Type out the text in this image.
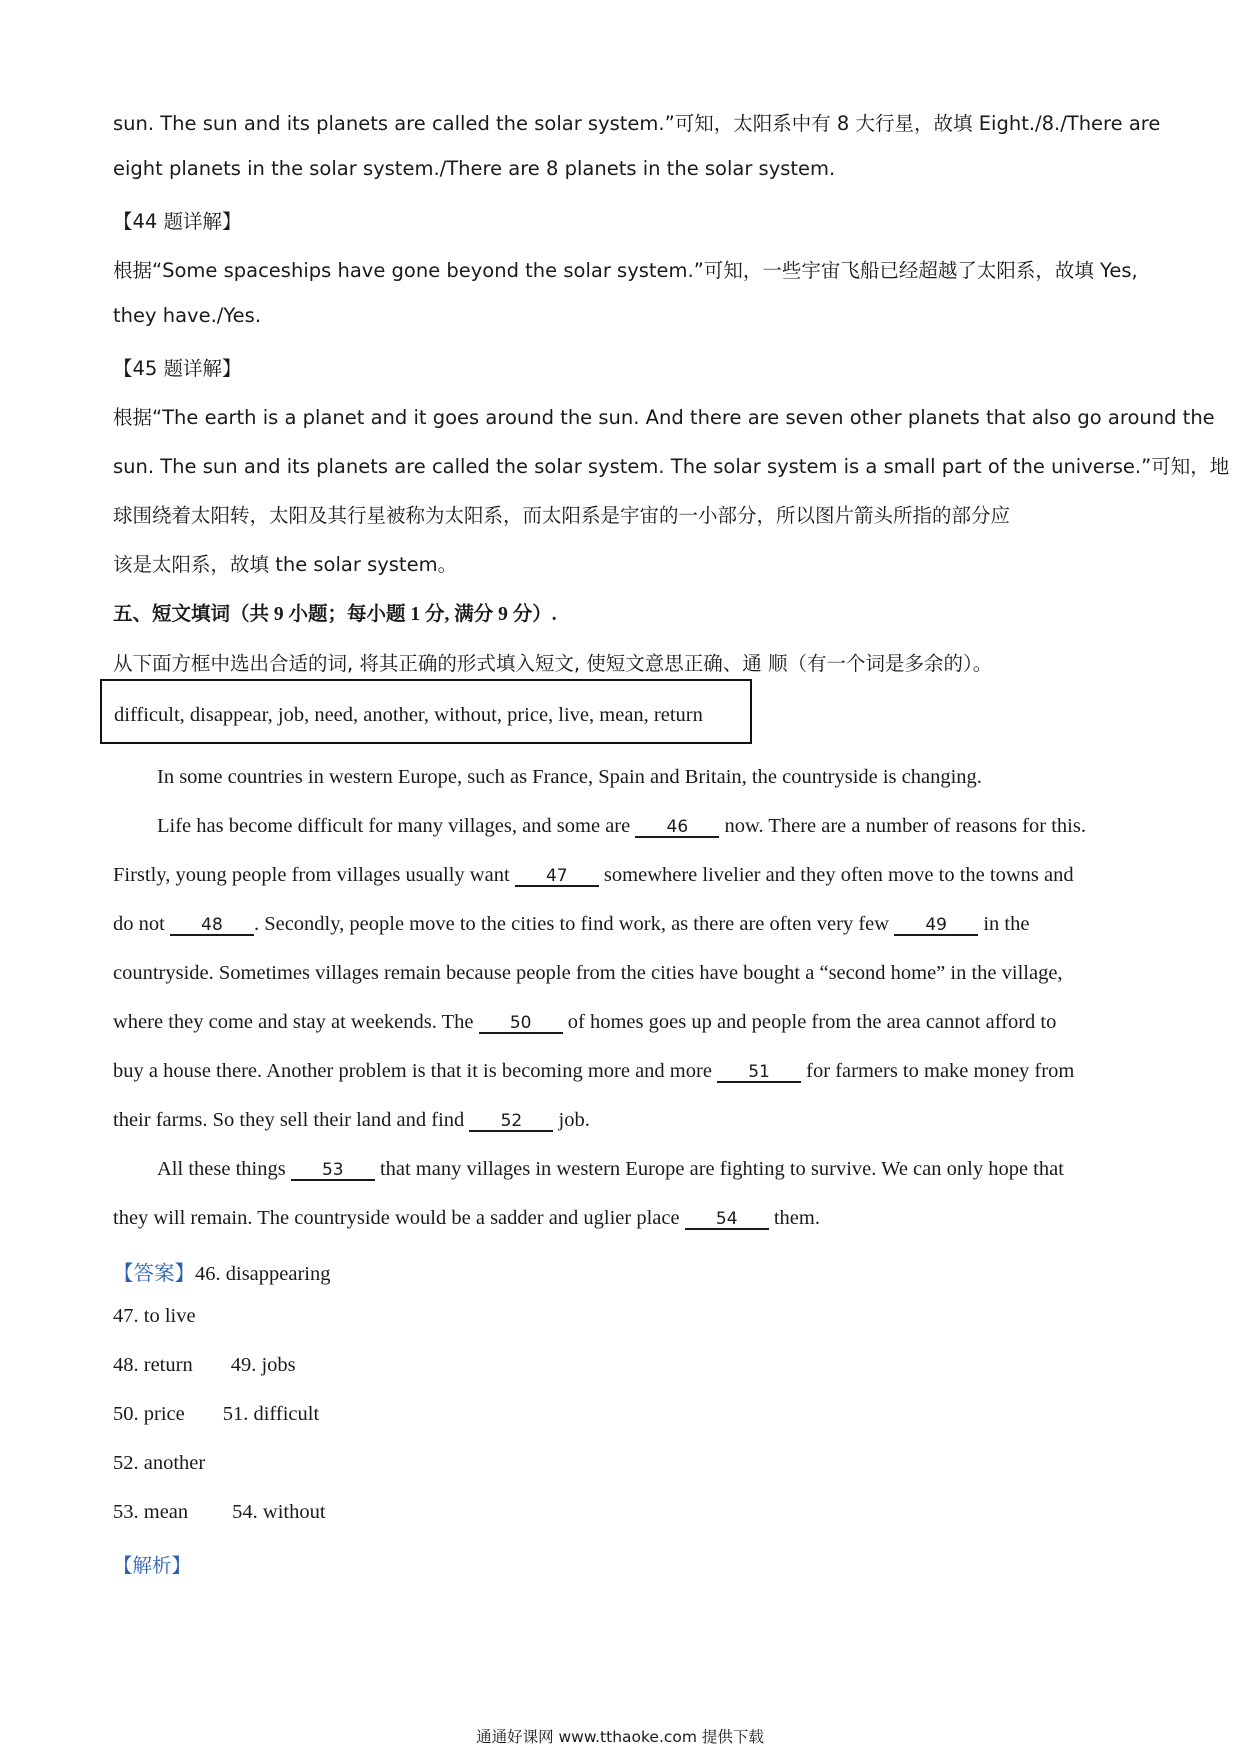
sun. The sun and its planets are called the solar system.”可知，太阳系中有 8 大行星，故填 Eight./8./There are
eight planets in the solar system./There are 8 planets in the solar system.
【44 题详解】
根据“Some spaceships have gone beyond the solar system.”可知，一些宇宙飞船已经超越了太阳系，故填 Yes,
they have./Yes.
【45 题详解】
根据“The earth is a planet and it goes around the sun. And there are seven other planets that also go around the
sun. The sun and its planets are called the solar system. The solar system is a small part of the universe.”可知，地
球围绕着太阳转，太阳及其行星被称为太阳系，而太阳系是宇宙的一小部分，所以图片箭头所指的部分应
该是太阳系，故填 the solar system。
五、短文填词（共 9 小题；每小题 1 分, 满分 9 分）.
从下面方框中选出合适的词, 将其正确的形式填入短文, 使短文意思正确、通 顺（有一个词是多余的）。
difficult, disappear, job, need, another, without, price, live, mean, return
In some countries in western Europe, such as France, Spain and Britain, the countryside is changing.
Life has become difficult for many villages, and some are 46 now. There are a number of reasons for this.
Firstly, young people from villages usually want 47 somewhere livelier and they often move to the towns and
do not 48 . Secondly, people move to the cities to find work, as there are often very few 49 in the
countryside. Sometimes villages remain because people from the cities have bought a “second home” in the village,
where they come and stay at weekends. The 50 of homes goes up and people from the area cannot afford to
buy a house there. Another problem is that it is becoming more and more 51 for farmers to make money from
their farms. So they sell their land and find 52 job.
All these things 53 that many villages in western Europe are fighting to survive. We can only hope that
they will remain. The countryside would be a sadder and uglier place 54 them.
【答案】46. disappearing
47. to live
48. return 49. jobs
50. price 51. difficult
52. another
53. mean 54. without
【解析】
通通好课网 www.tthaoke.com 提供下载
